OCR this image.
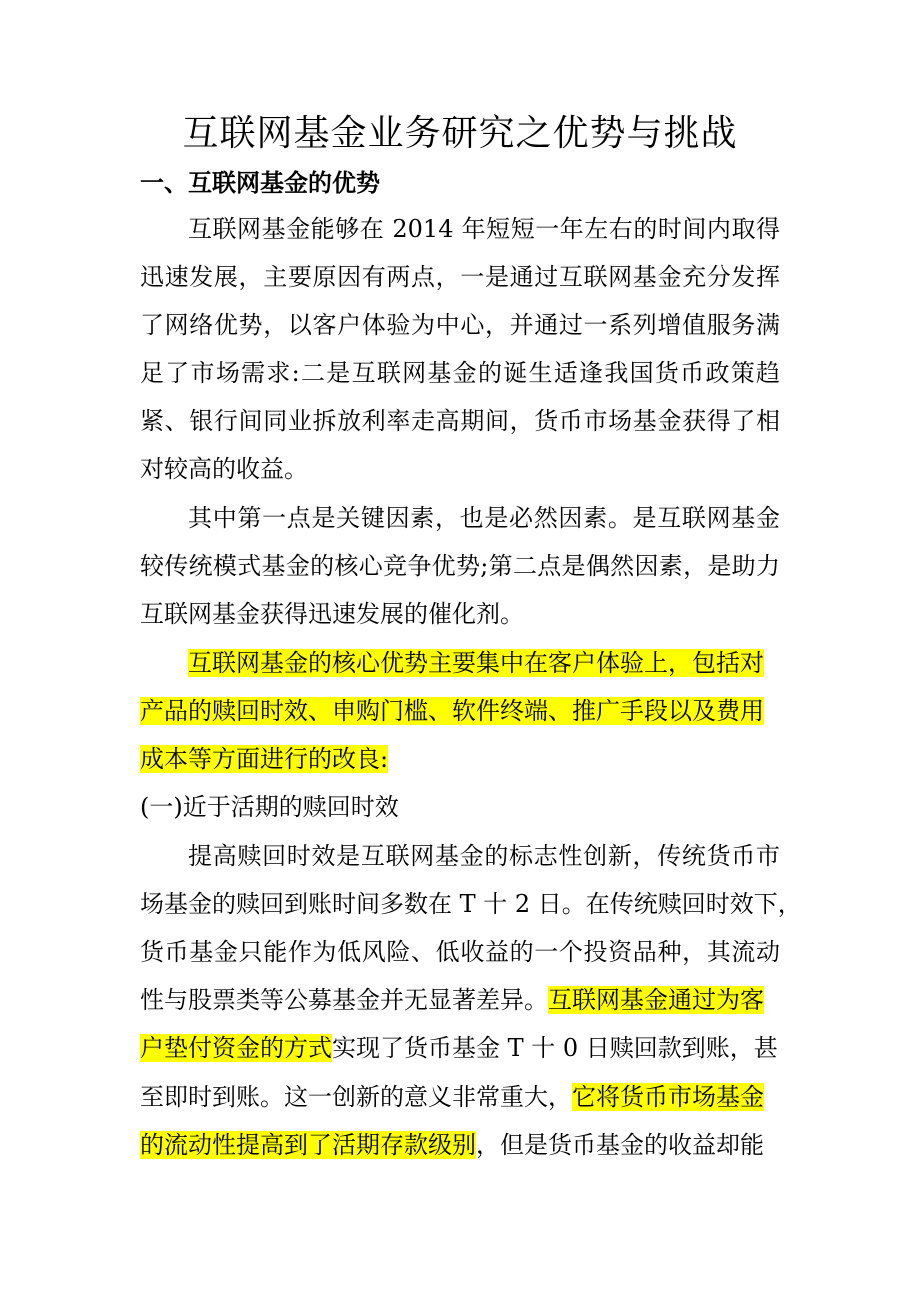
互联网基金业务研究之优势与挑战
一、互联网基金的优势
互联网基金能够在 2014 年短短一年左右的时间内取得
迅速发展，主要原因有两点，一是通过互联网基金充分发挥
了网络优势，以客户体验为中心，并通过一系列增值服务满
足了市场需求:二是互联网基金的诞生适逢我国货币政策趋
紧、银行间同业拆放利率走高期间，货币市场基金获得了相
对较高的收益。
其中第一点是关键因素，也是必然因素。是互联网基金
较传统模式基金的核心竞争优势;第二点是偶然因素，是助力
互联网基金获得迅速发展的催化剂。
互联网基金的核心优势主要集中在客户体验上，包括对
产品的赎回时效、申购门槛、软件终端、推广手段以及费用
成本等方面进行的改良:
(一)近于活期的赎回时效
提高赎回时效是互联网基金的标志性创新，传统货币市
场基金的赎回到账时间多数在 T 十 2 日。在传统赎回时效下，
货币基金只能作为低风险、低收益的一个投资品种，其流动
性与股票类等公募基金并无显著差异。互联网基金通过为客
户垫付资金的方式实现了货币基金 T 十 0 日赎回款到账，甚
至即时到账。这一创新的意义非常重大，它将货币市场基金
的流动性提高到了活期存款级别，但是货币基金的收益却能
